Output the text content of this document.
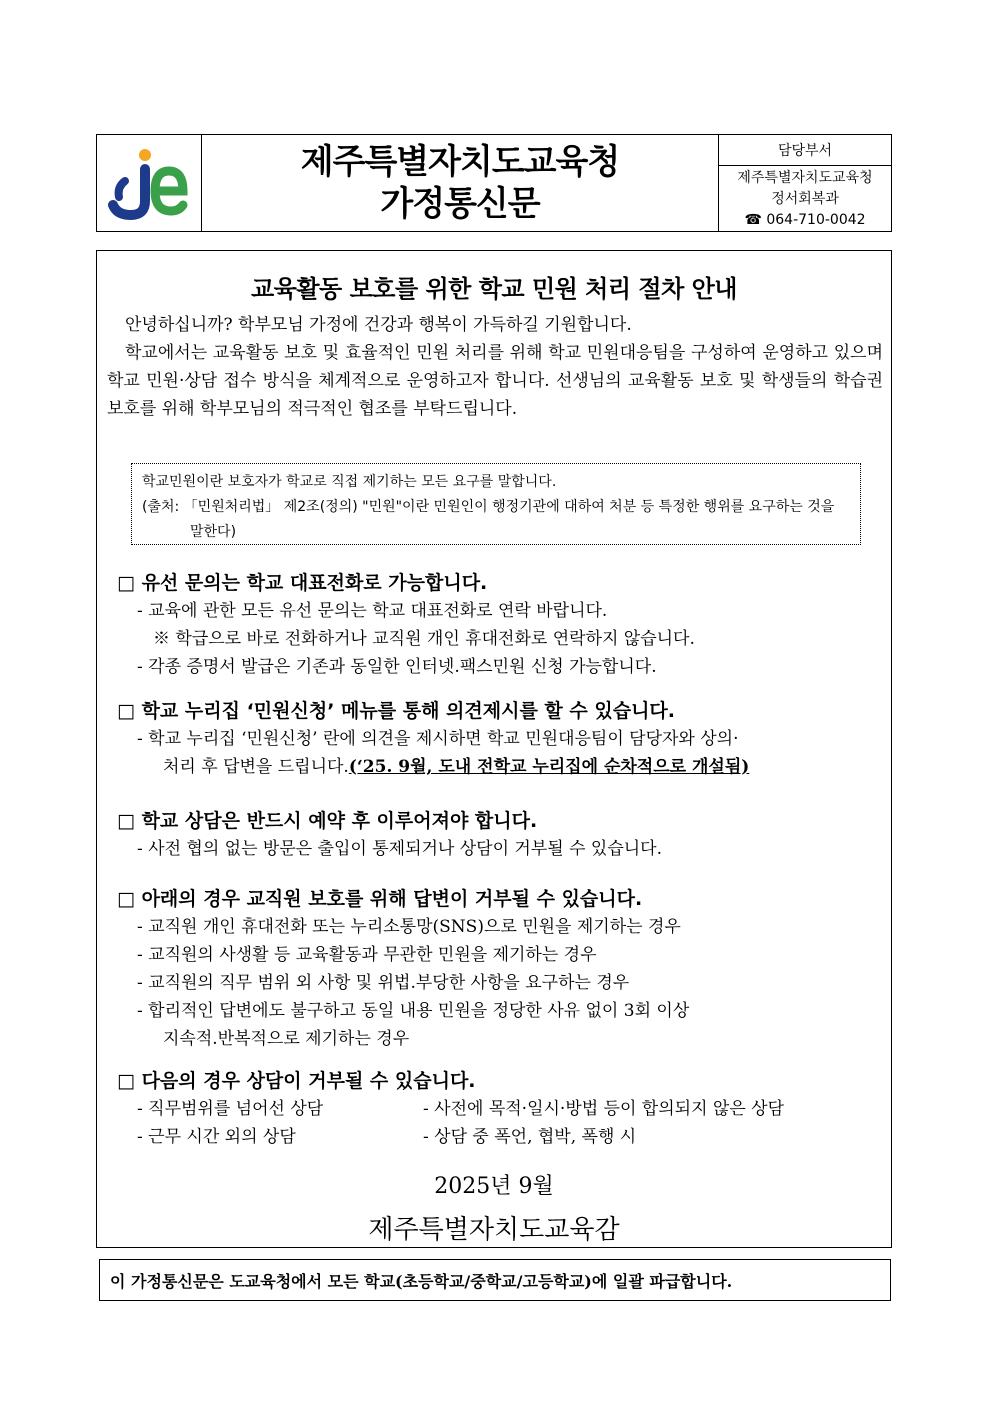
제주특별자치도교육청
가정통신문
담당부서
제주특별자치도교육청
정서회복과
☎ 064-710-0042
교육활동 보호를 위한 학교 민원 처리 절차 안내

안녕하십니까? 학부모님 가정에 건강과 행복이 가득하길 기원합니다.

학교에서는 교육활동 보호 및 효율적인 민원 처리를 위해 학교 민원대응팀을 구성하여 운영하고 있으며 학교 민원·상담 접수 방식을 체계적으로 운영하고자 합니다. 선생님의 교육활동 보호 및 학생들의 학습권 보호를 위해 학부모님의 적극적인 협조를 부탁드립니다.

학교민원이란 보호자가 학교로 직접 제기하는 모든 요구를 말합니다.
(출처: 「민원처리법」 제2조(정의) "민원"이란 민원인이 행정기관에 대하여 처분 등 특정한 행위를 요구하는 것을 말한다)
□ 유선 문의는 학교 대표전화로 가능합니다.
- 교육에 관한 모든 유선 문의는 학교 대표전화로 연락 바랍니다.
※ 학급으로 바로 전화하거나 교직원 개인 휴대전화로 연락하지 않습니다.
- 각종 증명서 발급은 기존과 동일한 인터넷.팩스민원 신청 가능합니다.
□ 학교 누리집 ‘민원신청’ 메뉴를 통해 의견제시를 할 수 있습니다.
- 학교 누리집 ‘민원신청’ 란에 의견을 제시하면 학교 민원대응팀이 담당자와 상의·
처리 후 답변을 드립니다.(‘25. 9월, 도내 전학교 누리집에 순차적으로 개설됨)
□ 학교 상담은 반드시 예약 후 이루어져야 합니다.
- 사전 협의 없는 방문은 출입이 통제되거나 상담이 거부될 수 있습니다.
□ 아래의 경우 교직원 보호를 위해 답변이 거부될 수 있습니다.
- 교직원 개인 휴대전화 또는 누리소통망(SNS)으로 민원을 제기하는 경우
- 교직원의 사생활 등 교육활동과 무관한 민원을 제기하는 경우
- 교직원의 직무 범위 외 사항 및 위법.부당한 사항을 요구하는 경우
- 합리적인 답변에도 불구하고 동일 내용 민원을 정당한 사유 없이 3회 이상
지속적.반복적으로 제기하는 경우
□ 다음의 경우 상담이 거부될 수 있습니다.
- 직무범위를 넘어선 상담	- 사전에 목적·일시·방법 등이 합의되지 않은 상담
- 근무 시간 외의 상담	- 상담 중 폭언, 협박, 폭행 시
2025년 9월
제주특별자치도교육감
이 가정통신문은 도교육청에서 모든 학교(초등학교/중학교/고등학교)에 일괄 파급합니다.
